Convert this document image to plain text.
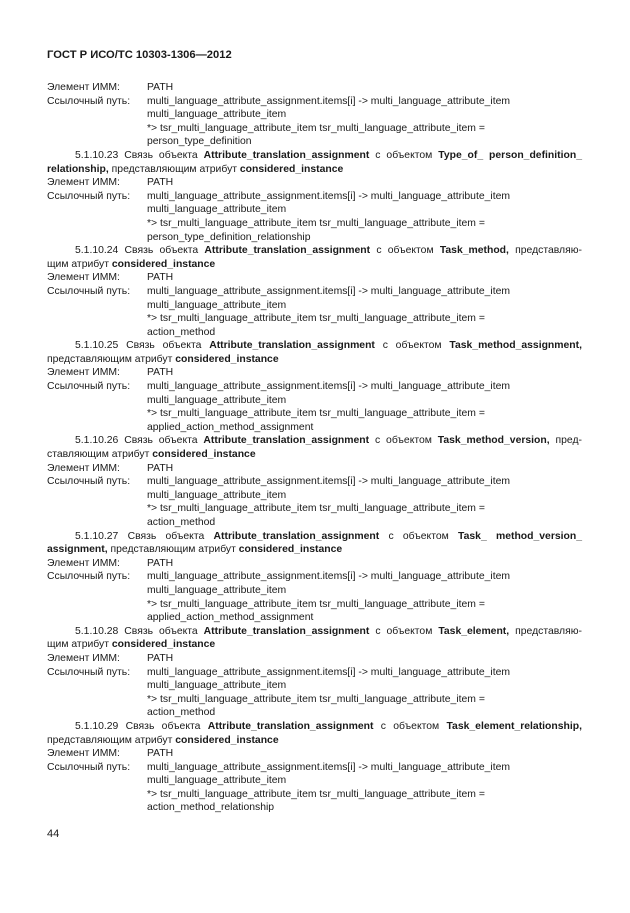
ГОСТ Р ИСО/ТС 10303-1306—2012
Элемент ИММ:	PATH
Ссылочный путь:	multi_language_attribute_assignment.items[i] -> multi_language_attribute_item
multi_language_attribute_item
*> tsr_multi_language_attribute_item tsr_multi_language_attribute_item =
person_type_definition
5.1.10.23 Связь объекта Attribute_translation_assignment с объектом Type_of_ person_definition_
relationship, представляющим атрибут considered_instance
Элемент ИММ:	PATH
Ссылочный путь:	multi_language_attribute_assignment.items[i] -> multi_language_attribute_item
multi_language_attribute_item
*> tsr_multi_language_attribute_item tsr_multi_language_attribute_item =
person_type_definition_relationship
5.1.10.24 Связь объекта Attribute_translation_assignment с объектом Task_method, представляю-
щим атрибут considered_instance
Элемент ИММ:	PATH
Ссылочный путь:	multi_language_attribute_assignment.items[i] -> multi_language_attribute_item
multi_language_attribute_item
*> tsr_multi_language_attribute_item tsr_multi_language_attribute_item =
action_method
5.1.10.25 Связь объекта Attribute_translation_assignment с объектом Task_method_assignment,
представляющим атрибут considered_instance
Элемент ИММ:	PATH
Ссылочный путь:	multi_language_attribute_assignment.items[i] -> multi_language_attribute_item
multi_language_attribute_item
*> tsr_multi_language_attribute_item tsr_multi_language_attribute_item =
applied_action_method_assignment
5.1.10.26 Связь объекта Attribute_translation_assignment с объектом Task_method_version, пред-
ставляющим атрибут considered_instance
Элемент ИММ:	PATH
Ссылочный путь:	multi_language_attribute_assignment.items[i] -> multi_language_attribute_item
multi_language_attribute_item
*> tsr_multi_language_attribute_item tsr_multi_language_attribute_item =
action_method
5.1.10.27 Связь объекта Attribute_translation_assignment с объектом Task_ method_version_
assignment, представляющим атрибут considered_instance
Элемент ИММ:	PATH
Ссылочный путь:	multi_language_attribute_assignment.items[i] -> multi_language_attribute_item
multi_language_attribute_item
*> tsr_multi_language_attribute_item tsr_multi_language_attribute_item =
applied_action_method_assignment
5.1.10.28 Связь объекта Attribute_translation_assignment с объектом Task_element, представляю-
щим атрибут considered_instance
Элемент ИММ:	PATH
Ссылочный путь:	multi_language_attribute_assignment.items[i] -> multi_language_attribute_item
multi_language_attribute_item
*> tsr_multi_language_attribute_item tsr_multi_language_attribute_item =
action_method
5.1.10.29 Связь объекта Attribute_translation_assignment с объектом Task_element_relationship,
представляющим атрибут considered_instance
Элемент ИММ:	PATH
Ссылочный путь:	multi_language_attribute_assignment.items[i] -> multi_language_attribute_item
multi_language_attribute_item
*> tsr_multi_language_attribute_item tsr_multi_language_attribute_item =
action_method_relationship
44
